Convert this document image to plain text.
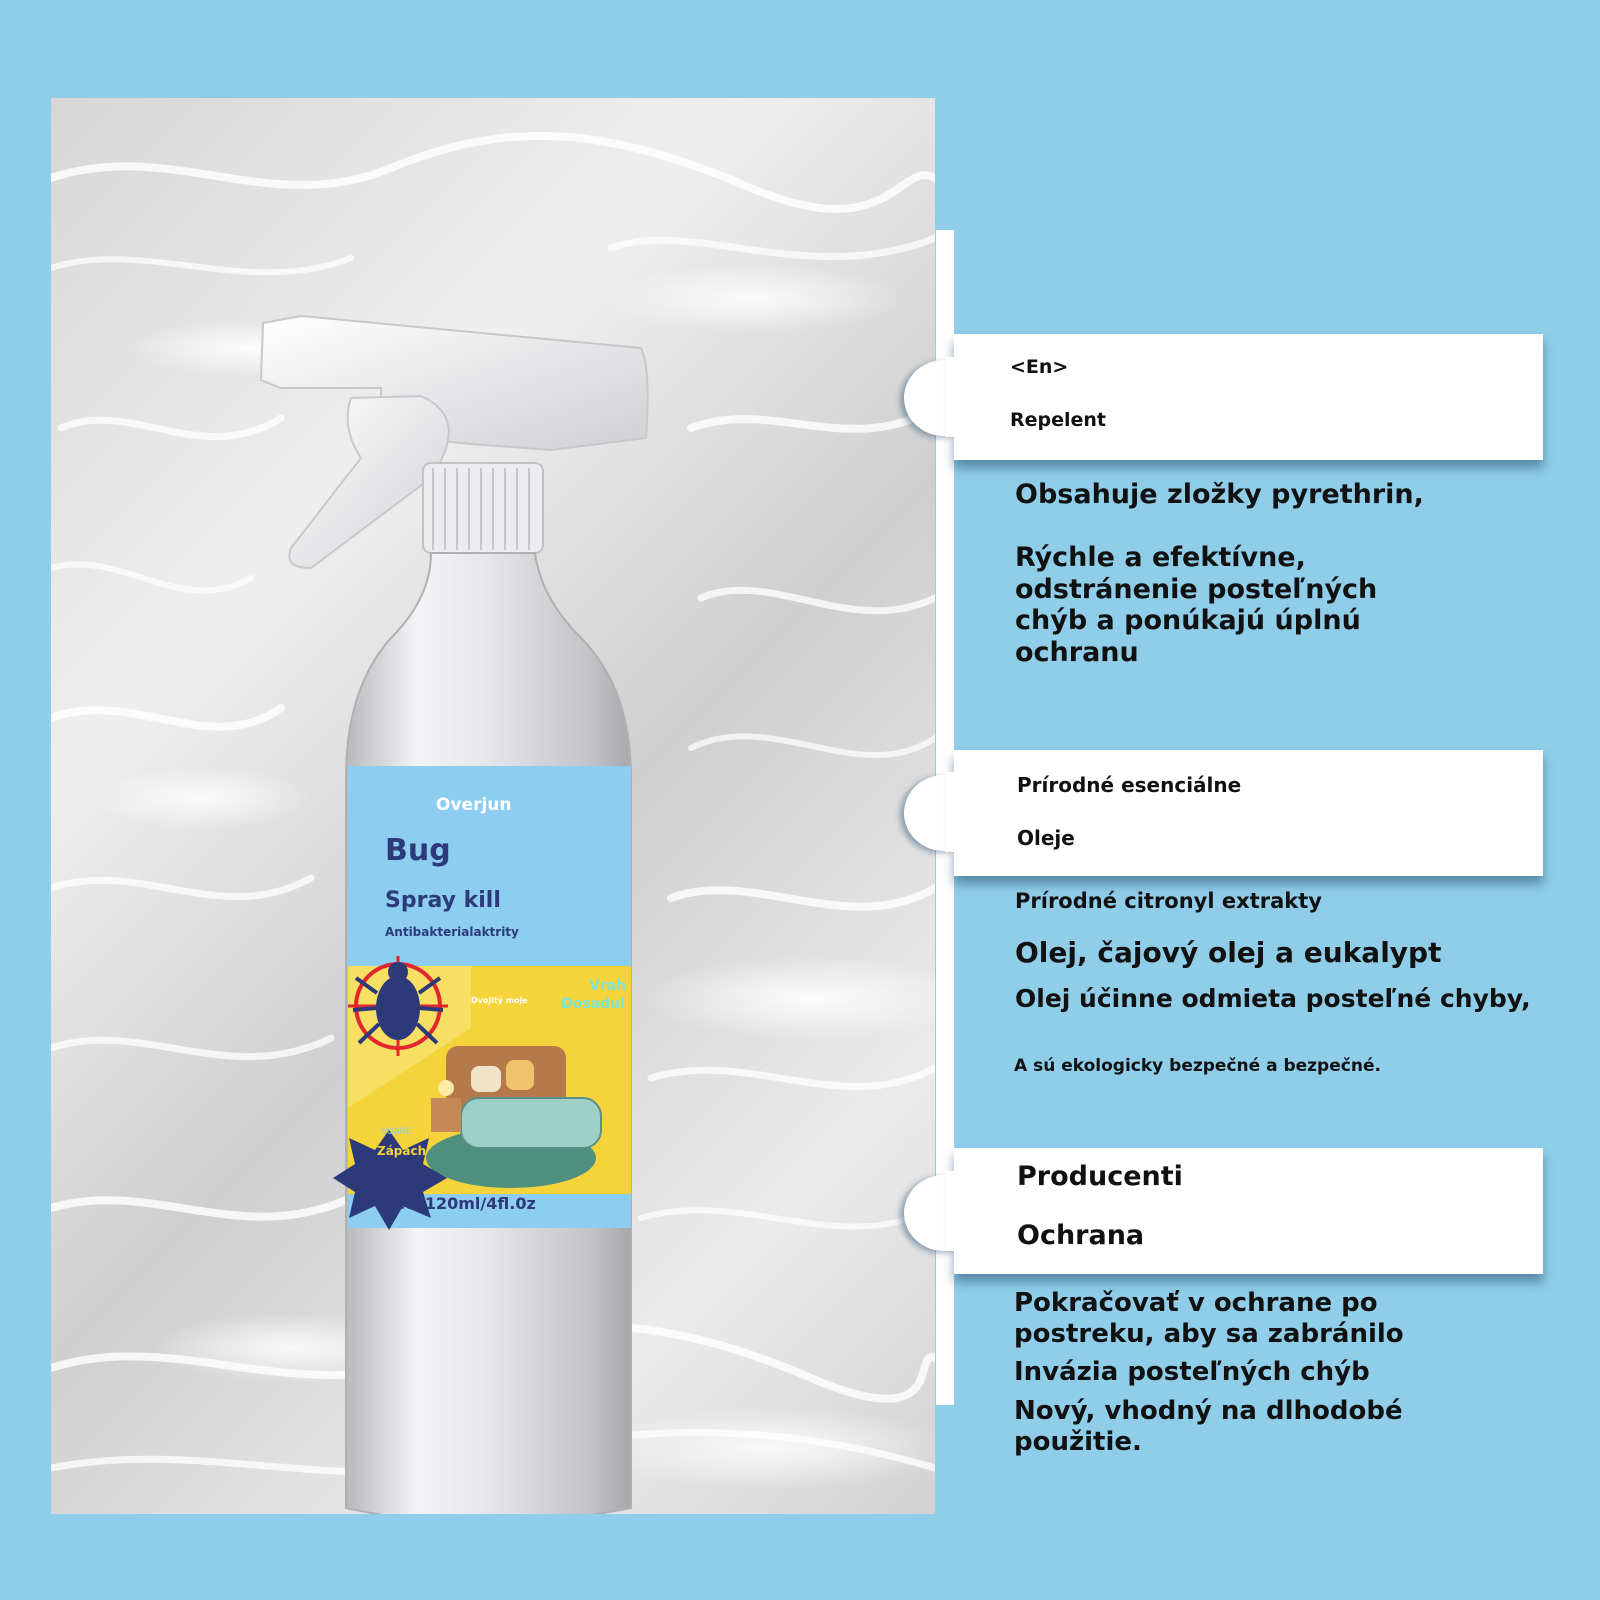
Overjun
Bug
Spray kill
Antibakterialaktrity
Dvojitý moje
Vrah
Dosadul
SOARE
Zápach
Net: 120ml/4fl.0z
<En>
Repelent
Obsahuje zložky pyrethrin,
Rýchle a efektívne,
odstránenie posteľných
chýb a ponúkajú úplnú
ochranu
Prírodné esenciálne
Oleje
Prírodné citronyl extrakty
Olej, čajový olej a eukalypt
Olej účinne odmieta posteľné chyby,
A sú ekologicky bezpečné a bezpečné.
Producenti
Ochrana
Pokračovať v ochrane po
postreku, aby sa zabránilo
Invázia posteľných chýb
Nový, vhodný na dlhodobé
použitie.
